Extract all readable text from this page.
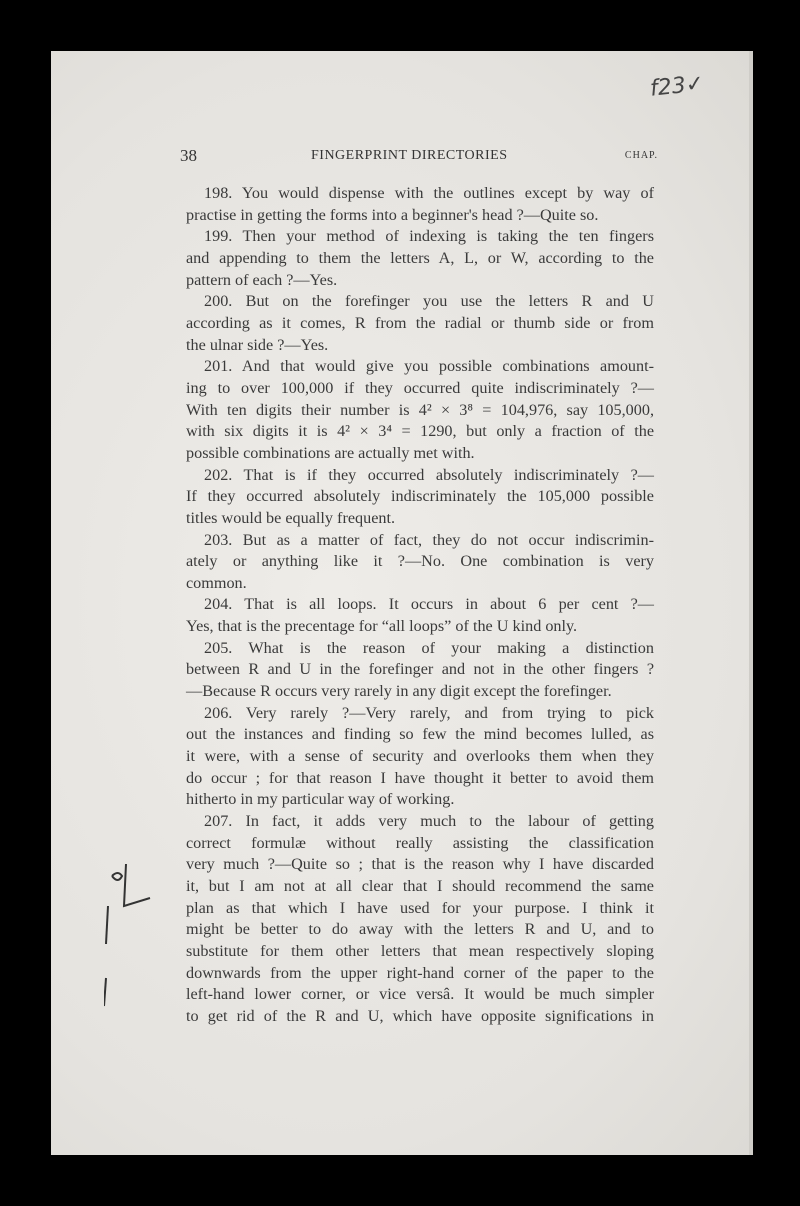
f23✓
38	FINGERPRINT DIRECTORIES	CHAP.
198. You would dispense with the outlines except by way of
practise in getting the forms into a beginner's head ?—Quite so.
199. Then your method of indexing is taking the ten fingers
and appending to them the letters A, L, or W, according to the
pattern of each ?—Yes.
200. But on the forefinger you use the letters R and U
according as it comes, R from the radial or thumb side or from
the ulnar side ?—Yes.
201. And that would give you possible combinations amount-
ing to over 100,000 if they occurred quite indiscriminately ?—
With ten digits their number is 4² × 3⁸ = 104,976, say 105,000,
with six digits it is 4² × 3⁴ = 1290, but only a fraction of the
possible combinations are actually met with.
202. That is if they occurred absolutely indiscriminately ?—
If they occurred absolutely indiscriminately the 105,000 possible
titles would be equally frequent.
203. But as a matter of fact, they do not occur indiscrimin-
ately or anything like it ?—No. One combination is very
common.
204. That is all loops. It occurs in about 6 per cent ?—
Yes, that is the precentage for “all loops” of the U kind only.
205. What is the reason of your making a distinction
between R and U in the forefinger and not in the other fingers ?
—Because R occurs very rarely in any digit except the forefinger.
206. Very rarely ?—Very rarely, and from trying to pick
out the instances and finding so few the mind becomes lulled, as
it were, with a sense of security and overlooks them when they
do occur ; for that reason I have thought it better to avoid them
hitherto in my particular way of working.
207. In fact, it adds very much to the labour of getting
correct formulæ without really assisting the classification
very much ?—Quite so ; that is the reason why I have discarded
it, but I am not at all clear that I should recommend the same
plan as that which I have used for your purpose. I think it
might be better to do away with the letters R and U, and to
substitute for them other letters that mean respectively sloping
downwards from the upper right-hand corner of the paper to the
left-hand lower corner, or vice versâ. It would be much simpler
to get rid of the R and U, which have opposite significations in
